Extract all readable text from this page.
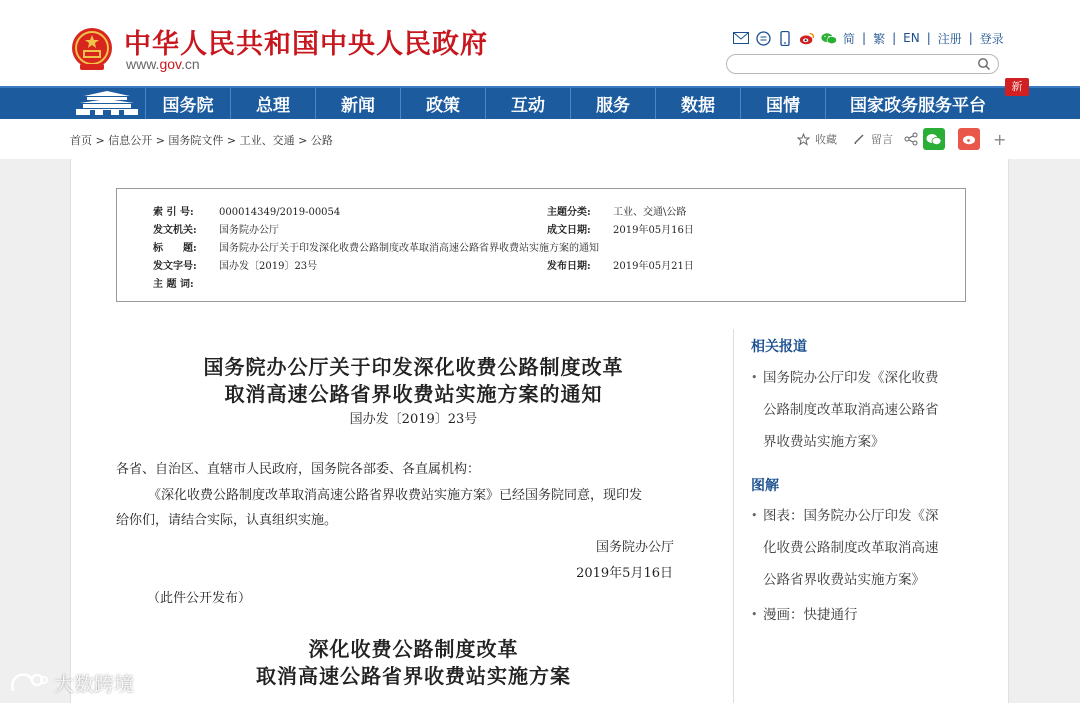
中华人民共和国中央人民政府
www.gov.cn
简 | 繁 | EN | 注册 | 登录
国务院	总理	新闻	政策	互动	服务	数据	国情	国家政务服务平台
新
首页 > 信息公开 > 国务院文件 > 工业、交通 > 公路	收藏	留言	+
索 引 号:	000014349/2019-00054	主题分类: 工业、交通\公路
发文机关: 国务院办公厅	成文日期: 2019年05月16日
标　　题: 国务院办公厅关于印发深化收费公路制度改革取消高速公路省界收费站实施方案的通知
发文字号: 国办发〔2019〕23号	发布日期: 2019年05月21日
主 题 词:
国务院办公厅关于印发深化收费公路制度改革
取消高速公路省界收费站实施方案的通知
国办发〔2019〕23号
各省、自治区、直辖市人民政府，国务院各部委、各直属机构：
《深化收费公路制度改革取消高速公路省界收费站实施方案》已经国务院同意，现印发
给你们，请结合实际，认真组织实施。
国务院办公厅
2019年5月16日
（此件公开发布）
深化收费公路制度改革
取消高速公路省界收费站实施方案
相关报道
• 国务院办公厅印发《深化收费
公路制度改革取消高速公路省
界收费站实施方案》
图解
• 图表：国务院办公厅印发《深
化收费公路制度改革取消高速
公路省界收费站实施方案》
• 漫画：快捷通行
大数跨境
